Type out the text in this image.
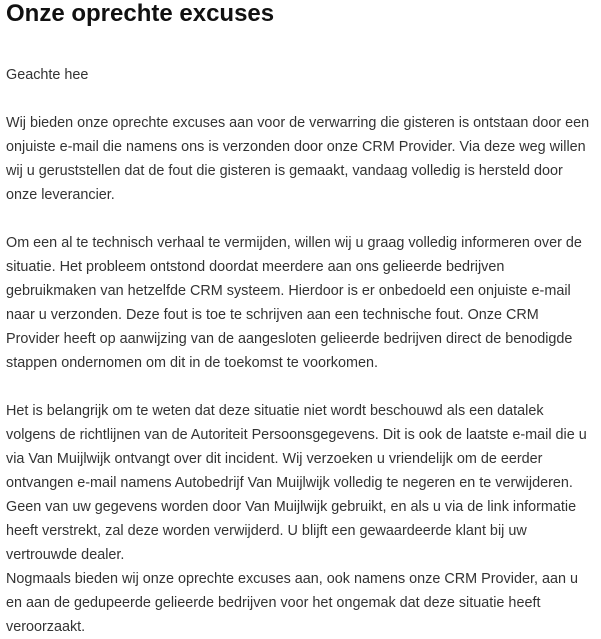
Onze oprechte excuses

Geachte hee

Wij bieden onze oprechte excuses aan voor de verwarring die gisteren is ontstaan door een onjuiste e-mail die namens ons is verzonden door onze CRM Provider. Via deze weg willen wij u geruststellen dat de fout die gisteren is gemaakt, vandaag volledig is hersteld door onze leverancier.

Om een al te technisch verhaal te vermijden, willen wij u graag volledig informeren over de situatie. Het probleem ontstond doordat meerdere aan ons gelieerde bedrijven gebruikmaken van hetzelfde CRM systeem. Hierdoor is er onbedoeld een onjuiste e-mail naar u verzonden. Deze fout is toe te schrijven aan een technische fout. Onze CRM Provider heeft op aanwijzing van de aangesloten gelieerde bedrijven direct de benodigde stappen ondernomen om dit in de toekomst te voorkomen.

Het is belangrijk om te weten dat deze situatie niet wordt beschouwd als een datalek volgens de richtlijnen van de Autoriteit Persoonsgegevens. Dit is ook de laatste e-mail die u via Van Muijlwijk ontvangt over dit incident. Wij verzoeken u vriendelijk om de eerder ontvangen e-mail namens Autobedrijf Van Muijlwijk volledig te negeren en te verwijderen. Geen van uw gegevens worden door Van Muijlwijk gebruikt, en als u via de link informatie heeft verstrekt, zal deze worden verwijderd. U blijft een gewaardeerde klant bij uw vertrouwde dealer.

Nogmaals bieden wij onze oprechte excuses aan, ook namens onze CRM Provider, aan u en aan de gedupeerde gelieerde bedrijven voor het ongemak dat deze situatie heeft veroorzaakt.
